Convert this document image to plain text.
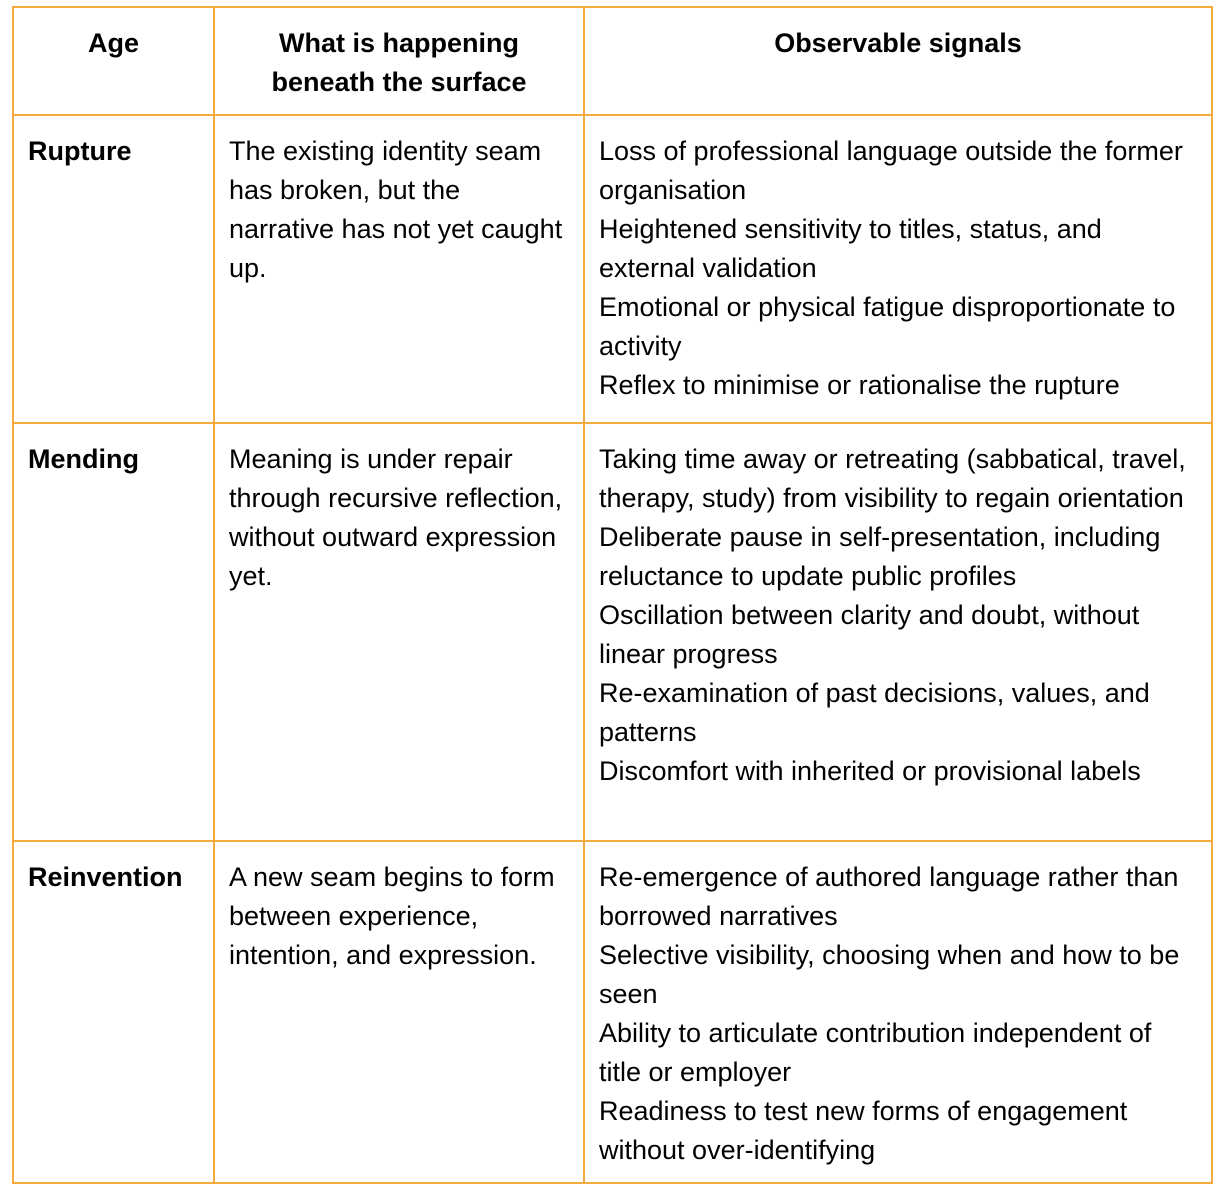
Age	What is happening beneath the surface	Observable signals

Rupture	The existing identity seam has broken, but the narrative has not yet caught up.	Loss of professional language outside the former organisation
Heightened sensitivity to titles, status, and external validation
Emotional or physical fatigue disproportionate to activity
Reflex to minimise or rationalise the rupture

Mending	Meaning is under repair through recursive reflection, without outward expression yet.	Taking time away or retreating (sabbatical, travel, therapy, study) from visibility to regain orientation
Deliberate pause in self-presentation, including reluctance to update public profiles
Oscillation between clarity and doubt, without linear progress
Re-examination of past decisions, values, and patterns
Discomfort with inherited or provisional labels

Reinvention	A new seam begins to form between experience, intention, and expression.	Re-emergence of authored language rather than borrowed narratives
Selective visibility, choosing when and how to be seen
Ability to articulate contribution independent of title or employer
Readiness to test new forms of engagement without over-identifying
